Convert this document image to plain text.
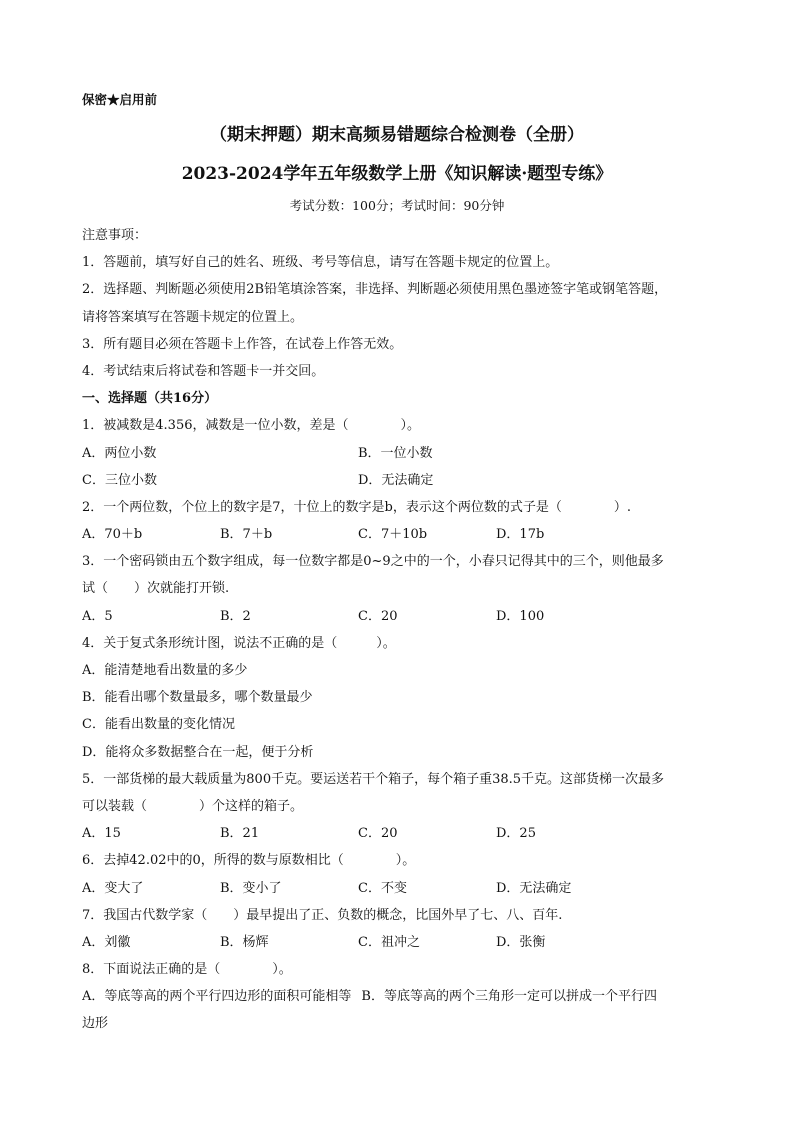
保密★启用前
（期末押题）期末高频易错题综合检测卷（全册）
2023-2024学年五年级数学上册《知识解读·题型专练》
考试分数：100分；考试时间：90分钟
注意事项：
1．答题前，填写好自己的姓名、班级、考号等信息，请写在答题卡规定的位置上。
2．选择题、判断题必须使用2B铅笔填涂答案，非选择、判断题必须使用黑色墨迹签字笔或钢笔答题，
请将答案填写在答题卡规定的位置上。
3．所有题目必须在答题卡上作答，在试卷上作答无效。
4．考试结束后将试卷和答题卡一并交回。
一、选择题（共16分）
1．被减数是4.356，减数是一位小数，差是（　　　　）。
A．两位小数	B．一位小数
C．三位小数	D．无法确定
2．一个两位数，个位上的数字是7，十位上的数字是b，表示这个两位数的式子是（　　　　）.
A．70＋b	B．7＋b	C．7＋10b	D．17b
3．一个密码锁由五个数字组成，每一位数字都是0~9之中的一个，小春只记得其中的三个，则他最多
试（　　）次就能打开锁.
A．5	B．2	C．20	D．100
4．关于复式条形统计图，说法不正确的是（　　　）。
A．能清楚地看出数量的多少
B．能看出哪个数量最多，哪个数量最少
C．能看出数量的变化情况
D．能将众多数据整合在一起，便于分析
5．一部货梯的最大载质量为800千克。要运送若干个箱子，每个箱子重38.5千克。这部货梯一次最多
可以装载（　　　　）个这样的箱子。
A．15	B．21	C．20	D．25
6．去掉42.02中的0，所得的数与原数相比（　　　　）。
A．变大了	B．变小了	C．不变	D．无法确定
7．我国古代数学家（　　）最早提出了正、负数的概念，比国外早了七、八、百年.
A．刘徽	B．杨辉	C．祖冲之	D．张衡
8．下面说法正确的是（　　　　）。
A．等底等高的两个平行四边形的面积可能相等 B．等底等高的两个三角形一定可以拼成一个平行四
边形
